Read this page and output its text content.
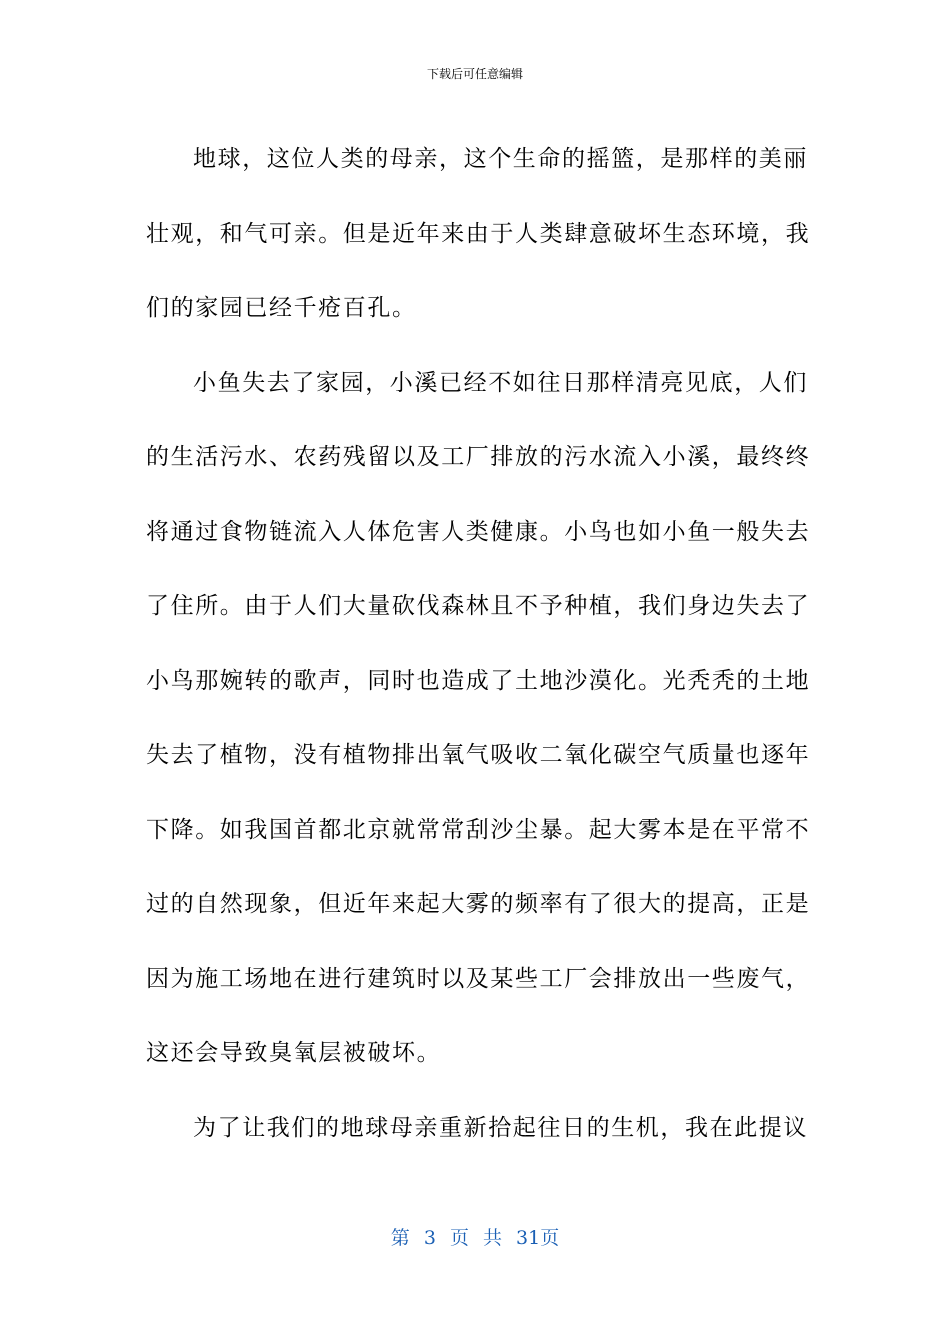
下载后可任意编辑
地球，这位人类的母亲，这个生命的摇篮，是那样的美丽
壮观，和气可亲。但是近年来由于人类肆意破坏生态环境，我
们的家园已经千疮百孔。
小鱼失去了家园，小溪已经不如往日那样清亮见底，人们
的生活污水、农药残留以及工厂排放的污水流入小溪，最终终
将通过食物链流入人体危害人类健康。小鸟也如小鱼一般失去
了住所。由于人们大量砍伐森林且不予种植，我们身边失去了
小鸟那婉转的歌声，同时也造成了土地沙漠化。光秃秃的土地
失去了植物，没有植物排出氧气吸收二氧化碳空气质量也逐年
下降。如我国首都北京就常常刮沙尘暴。起大雾本是在平常不
过的自然现象，但近年来起大雾的频率有了很大的提高，正是
因为施工场地在进行建筑时以及某些工厂会排放出一些废气，
这还会导致臭氧层被破坏。
为了让我们的地球母亲重新拾起往日的生机，我在此提议
第 3 页 共 31页
